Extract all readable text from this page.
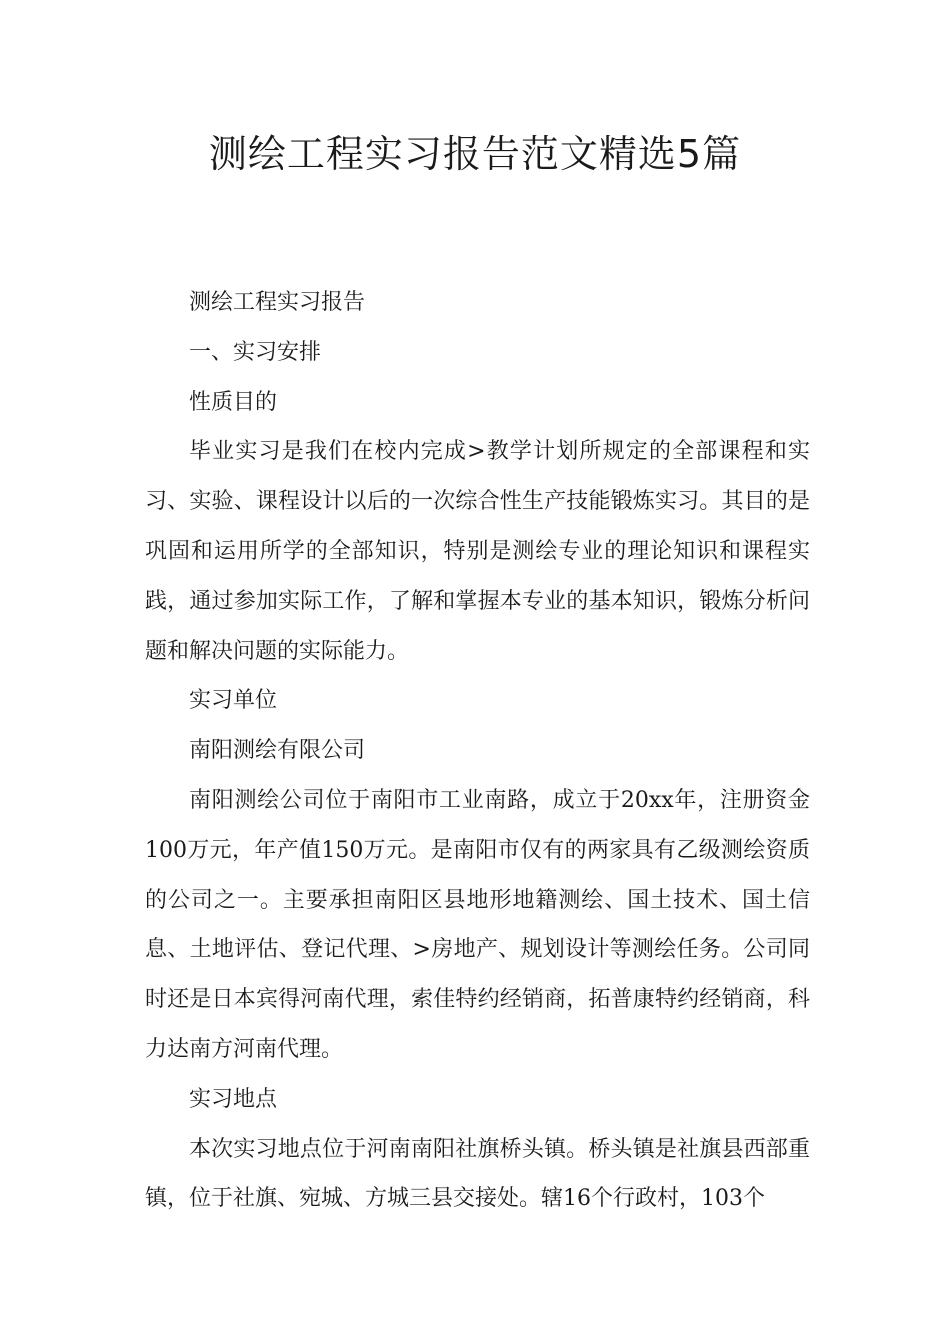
测绘工程实习报告范文精选5篇

测绘工程实习报告

一、实习安排

性质目的

毕业实习是我们在校内完成>教学计划所规定的全部课程和实习、实验、课程设计以后的一次综合性生产技能锻炼实习。其目的是巩固和运用所学的全部知识，特别是测绘专业的理论知识和课程实践，通过参加实际工作，了解和掌握本专业的基本知识，锻炼分析问题和解决问题的实际能力。

实习单位

南阳测绘有限公司

南阳测绘公司位于南阳市工业南路，成立于20xx年，注册资金100万元，年产值150万元。是南阳市仅有的两家具有乙级测绘资质的公司之一。主要承担南阳区县地形地籍测绘、国土技术、国土信息、土地评估、登记代理、>房地产、规划设计等测绘任务。公司同时还是日本宾得河南代理，索佳特约经销商，拓普康特约经销商，科力达南方河南代理。

实习地点

本次实习地点位于河南南阳社旗桥头镇。桥头镇是社旗县西部重镇，位于社旗、宛城、方城三县交接处。辖16个行政村，103个
